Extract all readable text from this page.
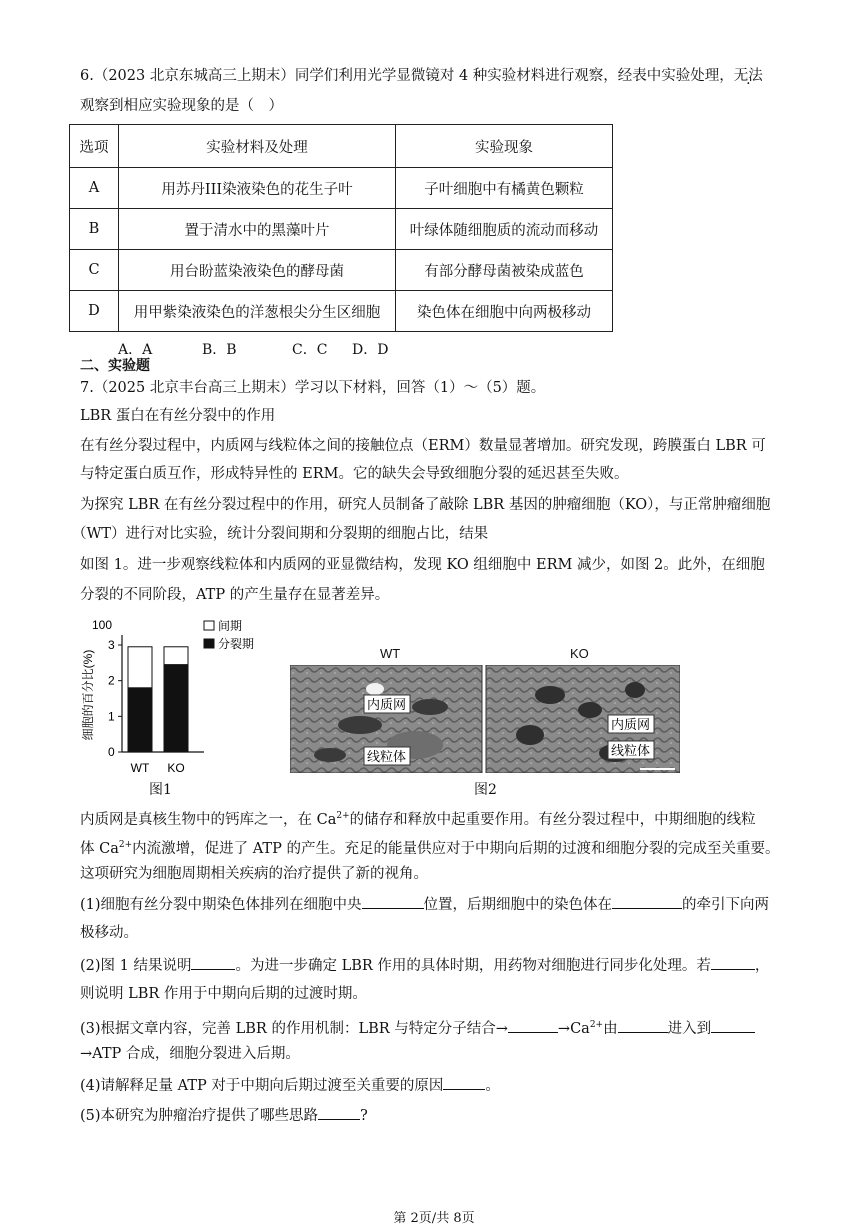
6.（2023 北京东城高三上期末）同学们利用光学显微镜对 4 种实验材料进行观察，经表中实验处理，无法
观察到相应实验现象的是（　）
选项	实验材料及处理	实验现象
A	用苏丹III染液染色的花生子叶	子叶细胞中有橘黄色颗粒
B	置于清水中的黑藻叶片	叶绿体随细胞质的流动而移动
C	用台盼蓝染液染色的酵母菌	有部分酵母菌被染成蓝色
D	用甲紫染液染色的洋葱根尖分生区细胞	染色体在细胞中向两极移动
A．A	B．B	C．C D．D
二、实验题
7.（2025 北京丰台高三上期末）学习以下材料，回答（1）～（5）题。
LBR 蛋白在有丝分裂中的作用
在有丝分裂过程中，内质网与线粒体之间的接触位点（ERM）数量显著增加。研究发现，跨膜蛋白 LBR 可
与特定蛋白质互作，形成特异性的 ERM。它的缺失会导致细胞分裂的延迟甚至失败。
为探究 LBR 在有丝分裂过程中的作用，研究人员制备了敲除 LBR 基因的肿瘤细胞（KO），与正常肿瘤细胞
（WT）进行对比实验，统计分裂间期和分裂期的细胞占比，结果
如图 1。进一步观察线粒体和内质网的亚显微结构，发现 KO 组细胞中 ERM 减少，如图 2。此外，在细胞
分裂的不同阶段，ATP 的产生量存在显著差异。
细胞的百分比(%)
100
0
1
2
3
WT KO
间期
分裂期
图1
WT	KO
内质网
线粒体
内质网
线粒体
图2
内质网是真核生物中的钙库之一，在 $Ca^{2+}$的储存和释放中起重要作用。有丝分裂过程中，中期细胞的线粒
体 $Ca^{2+}$内流激增，促进了 ATP 的产生。充足的能量供应对于中期向后期的过渡和细胞分裂的完成至关重要。
这项研究为细胞周期相关疾病的治疗提供了新的视角。
(1)细胞有丝分裂中期染色体排列在细胞中央	位置，后期细胞中的染色体在	的牵引下向两
极移动。
(2)图 1 结果说明	。为进一步确定 LBR 作用的具体时期，用药物对细胞进行同步化处理。若	，
则说明 LBR 作用于中期向后期的过渡时期。
(3)根据文章内容，完善 LBR 的作用机制：LBR 与特定分子结合→	$\to Ca^{2+}$由	进入到
→ATP 合成，细胞分裂进入后期。
(4)请解释足量 ATP 对于中期向后期过渡至关重要的原因	。
(5)本研究为肿瘤治疗提供了哪些思路	?
第 2页/共 8页
